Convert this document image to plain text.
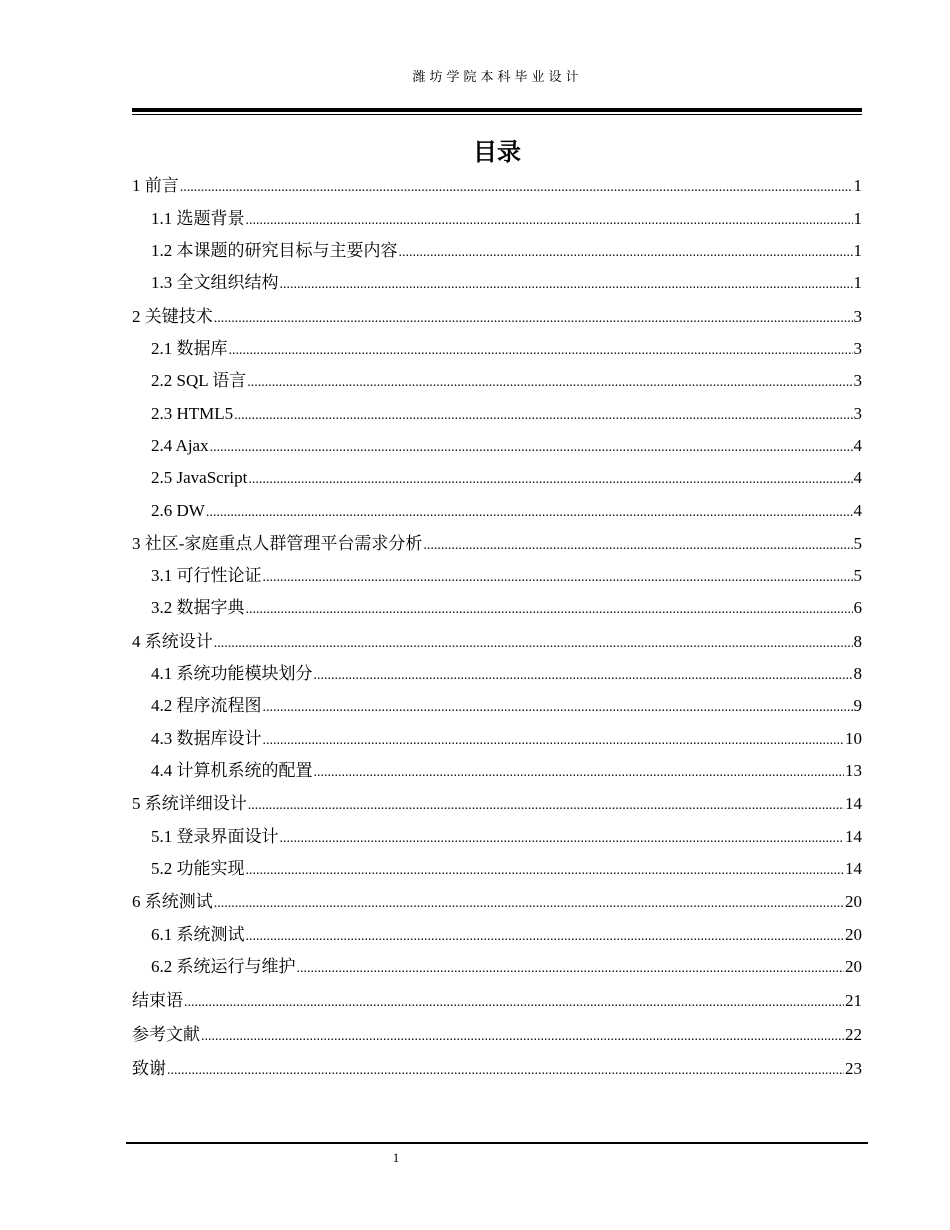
潍坊学院本科毕业设计
目录
1 前言 .....	1
1.1 选题背景 .....	1
1.2 本课题的研究目标与主要内容 .....	1
1.3 全文组织结构 .....	1
2 关键技术 .....	3
2.1 数据库 .....	3
2.2 SQL 语言 .....	3
2.3 HTML5 .....	3
2.4 Ajax .....	4
2.5 JavaScript .....	4
2.6 DW .....	4
3 社区-家庭重点人群管理平台需求分析 .....	5
3.1 可行性论证 .....	5
3.2 数据字典 .....	6
4 系统设计 .....	8
4.1 系统功能模块划分 .....	8
4.2 程序流程图 .....	9
4.3 数据库设计 .....	10
4.4 计算机系统的配置 .....	13
5 系统详细设计 .....	14
5.1 登录界面设计 .....	14
5.2 功能实现 .....	14
6 系统测试 .....	20
6.1 系统测试 .....	20
6.2 系统运行与维护 .....	20
结束语 .....	21
参考文献 .....	22
致谢 .....	23
1
